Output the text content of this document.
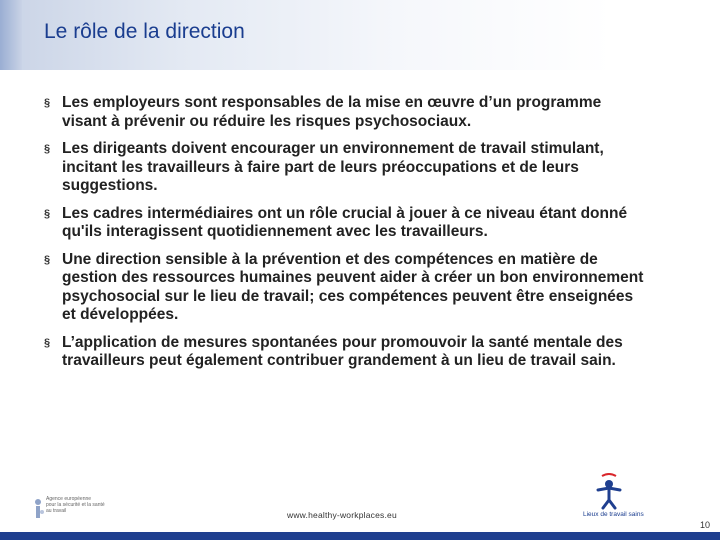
Le rôle de la direction
§ Les employeurs sont responsables de la mise en œuvre d’un programme visant à prévenir ou réduire les risques psychosociaux.
§ Les dirigeants doivent encourager un environnement de travail stimulant, incitant les travailleurs à faire part de leurs préoccupations et de leurs suggestions.
§ Les cadres intermédiaires ont un rôle crucial à jouer à ce niveau étant donné qu'ils interagissent quotidiennement avec les travailleurs.
§ Une direction sensible à la prévention et des compétences en matière de gestion des ressources humaines peuvent aider à créer un bon environnement psychosocial sur le lieu de travail; ces compétences peuvent être enseignées et développées.
§ L’application de mesures spontanées pour promouvoir la santé mentale des travailleurs peut également contribuer grandement à un lieu de travail sain.
Agence européenne
pour la sécurité et la santé
au travail	www.healthy-workplaces.eu	Lieux de travail sains
10
